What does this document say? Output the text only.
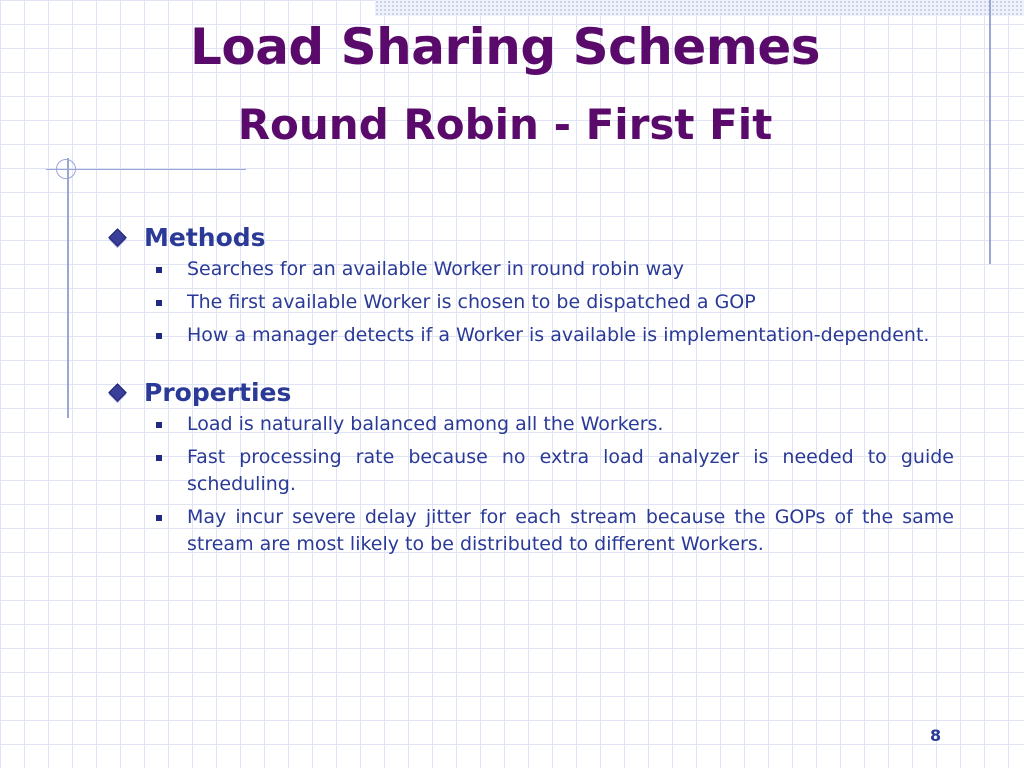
Load Sharing Schemes
Round Robin - First Fit
Methods
Searches for an available Worker in round robin way
The first available Worker is chosen to be dispatched a GOP
How a manager detects if a Worker is available is implementation-dependent.
Properties
Load is naturally balanced among all the Workers.
Fast processing rate because no extra load analyzer is needed to guide scheduling.
May incur severe delay jitter for each stream because the GOPs of the same stream are most likely to be distributed to different Workers.
8
